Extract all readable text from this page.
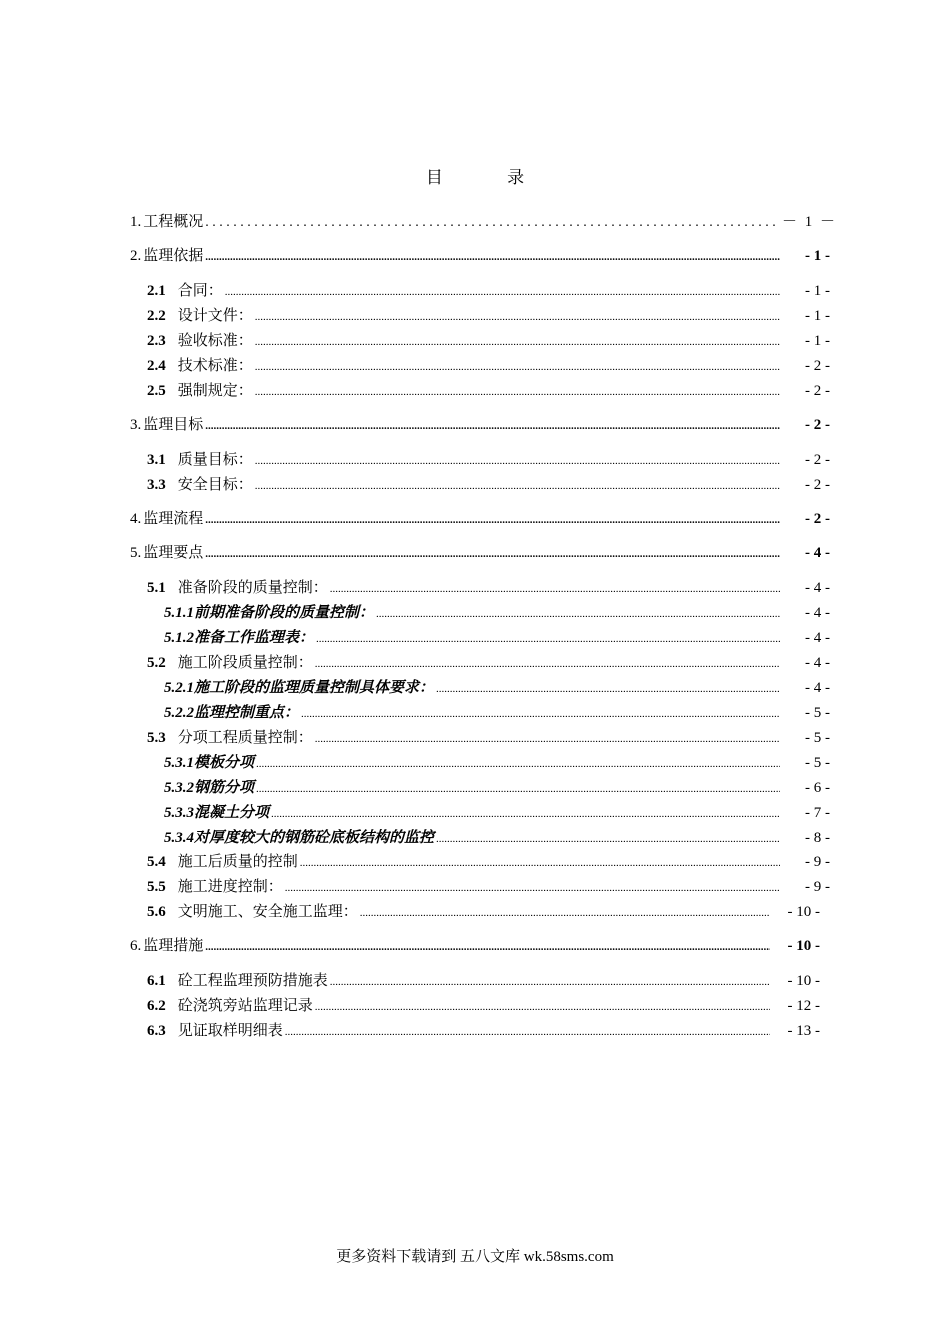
目 录
1. 工程概况 . . .	－ 1 －
2. 监理依据 .....	- 1 -
2.1 合同： .....	- 1 -
2.2 设计文件： .....	- 1 -
2.3 验收标准： .....	- 1 -
2.4 技术标准： .....	- 2 -
2.5 强制规定： .....	- 2 -
3. 监理目标 .....	- 2 -
3.1 质量目标： .....	- 2 -
3.3 安全目标： .....	- 2 -
4. 监理流程 .....	- 2 -
5. 监理要点 .....	- 4 -
5.1 准备阶段的质量控制： .....	- 4 -
5.1.1 前期准备阶段的质量控制： .....	- 4 -
5.1.2 准备工作监理表： .....	- 4 -
5.2 施工阶段质量控制： .....	- 4 -
5.2.1 施工阶段的监理质量控制具体要求： .....	- 4 -
5.2.2 监理控制重点： .....	- 5 -
5.3 分项工程质量控制： .....	- 5 -
5.3.1 模板分项 .....	- 5 -
5.3.2 钢筋分项 .....	- 6 -
5.3.3 混凝土分项 .....	- 7 -
5.3.4 对厚度较大的钢筋砼底板结构的监控 .....	- 8 -
5.4 施工后质量的控制 .....	- 9 -
5.5 施工进度控制： .....	- 9 -
5.6 文明施工、安全施工监理： .....	- 10 -
6. 监理措施 .....	- 10 -
6.1 砼工程监理预防措施表 .....	- 10 -
6.2 砼浇筑旁站监理记录 .....	- 12 -
6.3 见证取样明细表 .....	- 13 -
更多资料下载请到 五八文库 wk.58sms.com
